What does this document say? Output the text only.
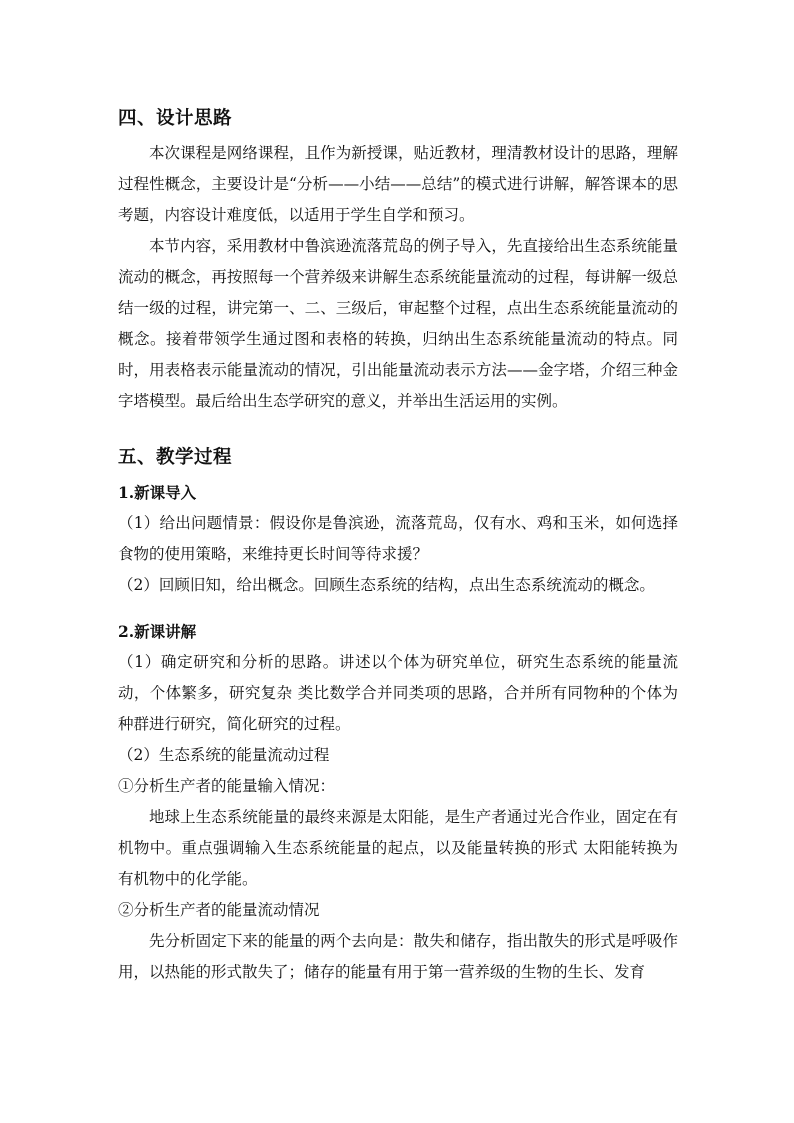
四、设计思路

本次课程是网络课程，且作为新授课，贴近教材，理清教材设计的思路，理解过程性概念，主要设计是“分析——小结——总结”的模式进行讲解，解答课本的思考题，内容设计难度低，以适用于学生自学和预习。

本节内容，采用教材中鲁滨逊流落荒岛的例子导入，先直接给出生态系统能量流动的概念，再按照每一个营养级来讲解生态系统能量流动的过程，每讲解一级总结一级的过程，讲完第一、二、三级后，审起整个过程，点出生态系统能量流动的概念。接着带领学生通过图和表格的转换，归纳出生态系统能量流动的特点。同时，用表格表示能量流动的情况，引出能量流动表示方法——金字塔，介绍三种金字塔模型。最后给出生态学研究的意义，并举出生活运用的实例。

五、教学过程
1.新课导入

（1）给出问题情景：假设你是鲁滨逊，流落荒岛，仅有水、鸡和玉米，如何选择食物的使用策略，来维持更长时间等待求援？

（2）回顾旧知，给出概念。回顾生态系统的结构，点出生态系统流动的概念。

2.新课讲解

（1）确定研究和分析的思路。讲述以个体为研究单位，研究生态系统的能量流动，个体繁多，研究复杂 类比数学合并同类项的思路，合并所有同物种的个体为种群进行研究，简化研究的过程。

（2）生态系统的能量流动过程

①分析生产者的能量输入情况：

地球上生态系统能量的最终来源是太阳能，是生产者通过光合作业，固定在有机物中。重点强调输入生态系统能量的起点，以及能量转换的形式 太阳能转换为有机物中的化学能。

②分析生产者的能量流动情况

先分析固定下来的能量的两个去向是：散失和储存，指出散失的形式是呼吸作用，以热能的形式散失了；储存的能量有用于第一营养级的生物的生长、发育
